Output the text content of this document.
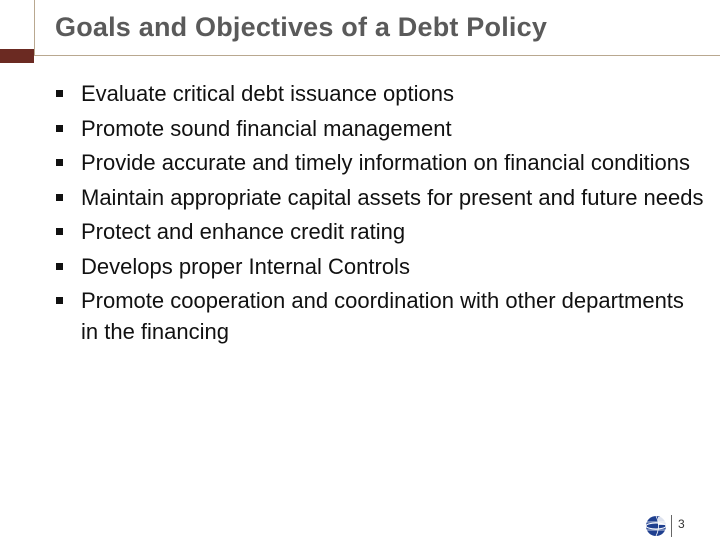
Goals and Objectives of a Debt Policy
Evaluate critical debt issuance options
Promote sound financial management
Provide accurate and timely information on financial conditions
Maintain appropriate capital assets for present and future needs
Protect and enhance credit rating
Develops proper Internal Controls
Promote cooperation and coordination with other departments in the financing
3
